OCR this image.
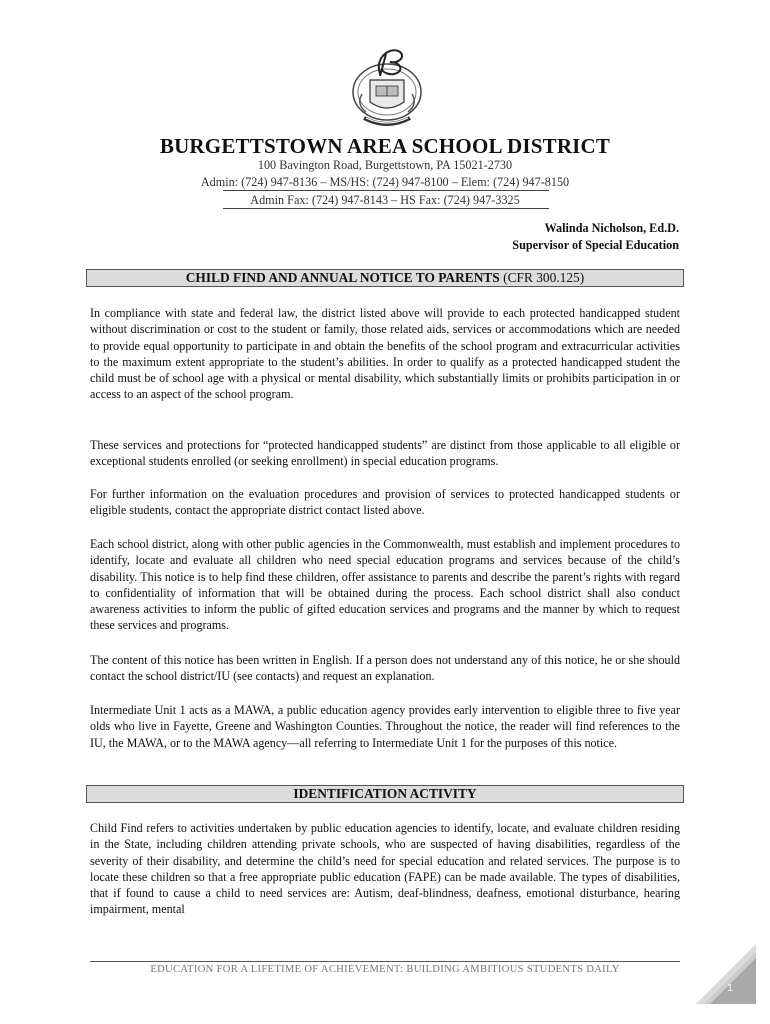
BURGETTSTOWN AREA SCHOOL DISTRICT
100 Bavington Road, Burgettstown, PA 15021-2730
Admin: (724) 947-8136 – MS/HS: (724) 947-8100 – Elem: (724) 947-8150
Admin Fax: (724) 947-8143 – HS Fax: (724) 947-3325
Walinda Nicholson, Ed.D.
Supervisor of Special Education
CHILD FIND AND ANNUAL NOTICE TO PARENTS (CFR 300.125)

In compliance with state and federal law, the district listed above will provide to each protected handicapped student without discrimination or cost to the student or family, those related aids, services or accommodations which are needed to provide equal opportunity to participate in and obtain the benefits of the school program and extracurricular activities to the maximum extent appropriate to the student’s abilities. In order to qualify as a protected handicapped student the child must be of school age with a physical or mental disability, which substantially limits or prohibits participation in or access to an aspect of the school program.

These services and protections for “protected handicapped students” are distinct from those applicable to all eligible or exceptional students enrolled (or seeking enrollment) in special education programs.

For further information on the evaluation procedures and provision of services to protected handicapped students or eligible students, contact the appropriate district contact listed above.

Each school district, along with other public agencies in the Commonwealth, must establish and implement procedures to identify, locate and evaluate all children who need special education programs and services because of the child’s disability. This notice is to help find these children, offer assistance to parents and describe the parent’s rights with regard to confidentiality of information that will be obtained during the process. Each school district shall also conduct awareness activities to inform the public of gifted education services and programs and the manner by which to request these services and programs.

The content of this notice has been written in English. If a person does not understand any of this notice, he or she should contact the school district/IU (see contacts) and request an explanation.

Intermediate Unit 1 acts as a MAWA, a public education agency provides early intervention to eligible three to five year olds who live in Fayette, Greene and Washington Counties. Throughout the notice, the reader will find references to the IU, the MAWA, or to the MAWA agency—all referring to Intermediate Unit 1 for the purposes of this notice.

IDENTIFICATION ACTIVITY

Child Find refers to activities undertaken by public education agencies to identify, locate, and evaluate children residing in the State, including children attending private schools, who are suspected of having disabilities, regardless of the severity of their disability, and determine the child’s need for special education and related services. The purpose is to locate these children so that a free appropriate public education (FAPE) can be made available. The types of disabilities, that if found to cause a child to need services are: Autism, deaf-blindness, deafness, emotional disturbance, hearing impairment, mental

EDUCATION FOR A LIFETIME OF ACHIEVEMENT: BUILDING AMBITIOUS STUDENTS DAILY
1
